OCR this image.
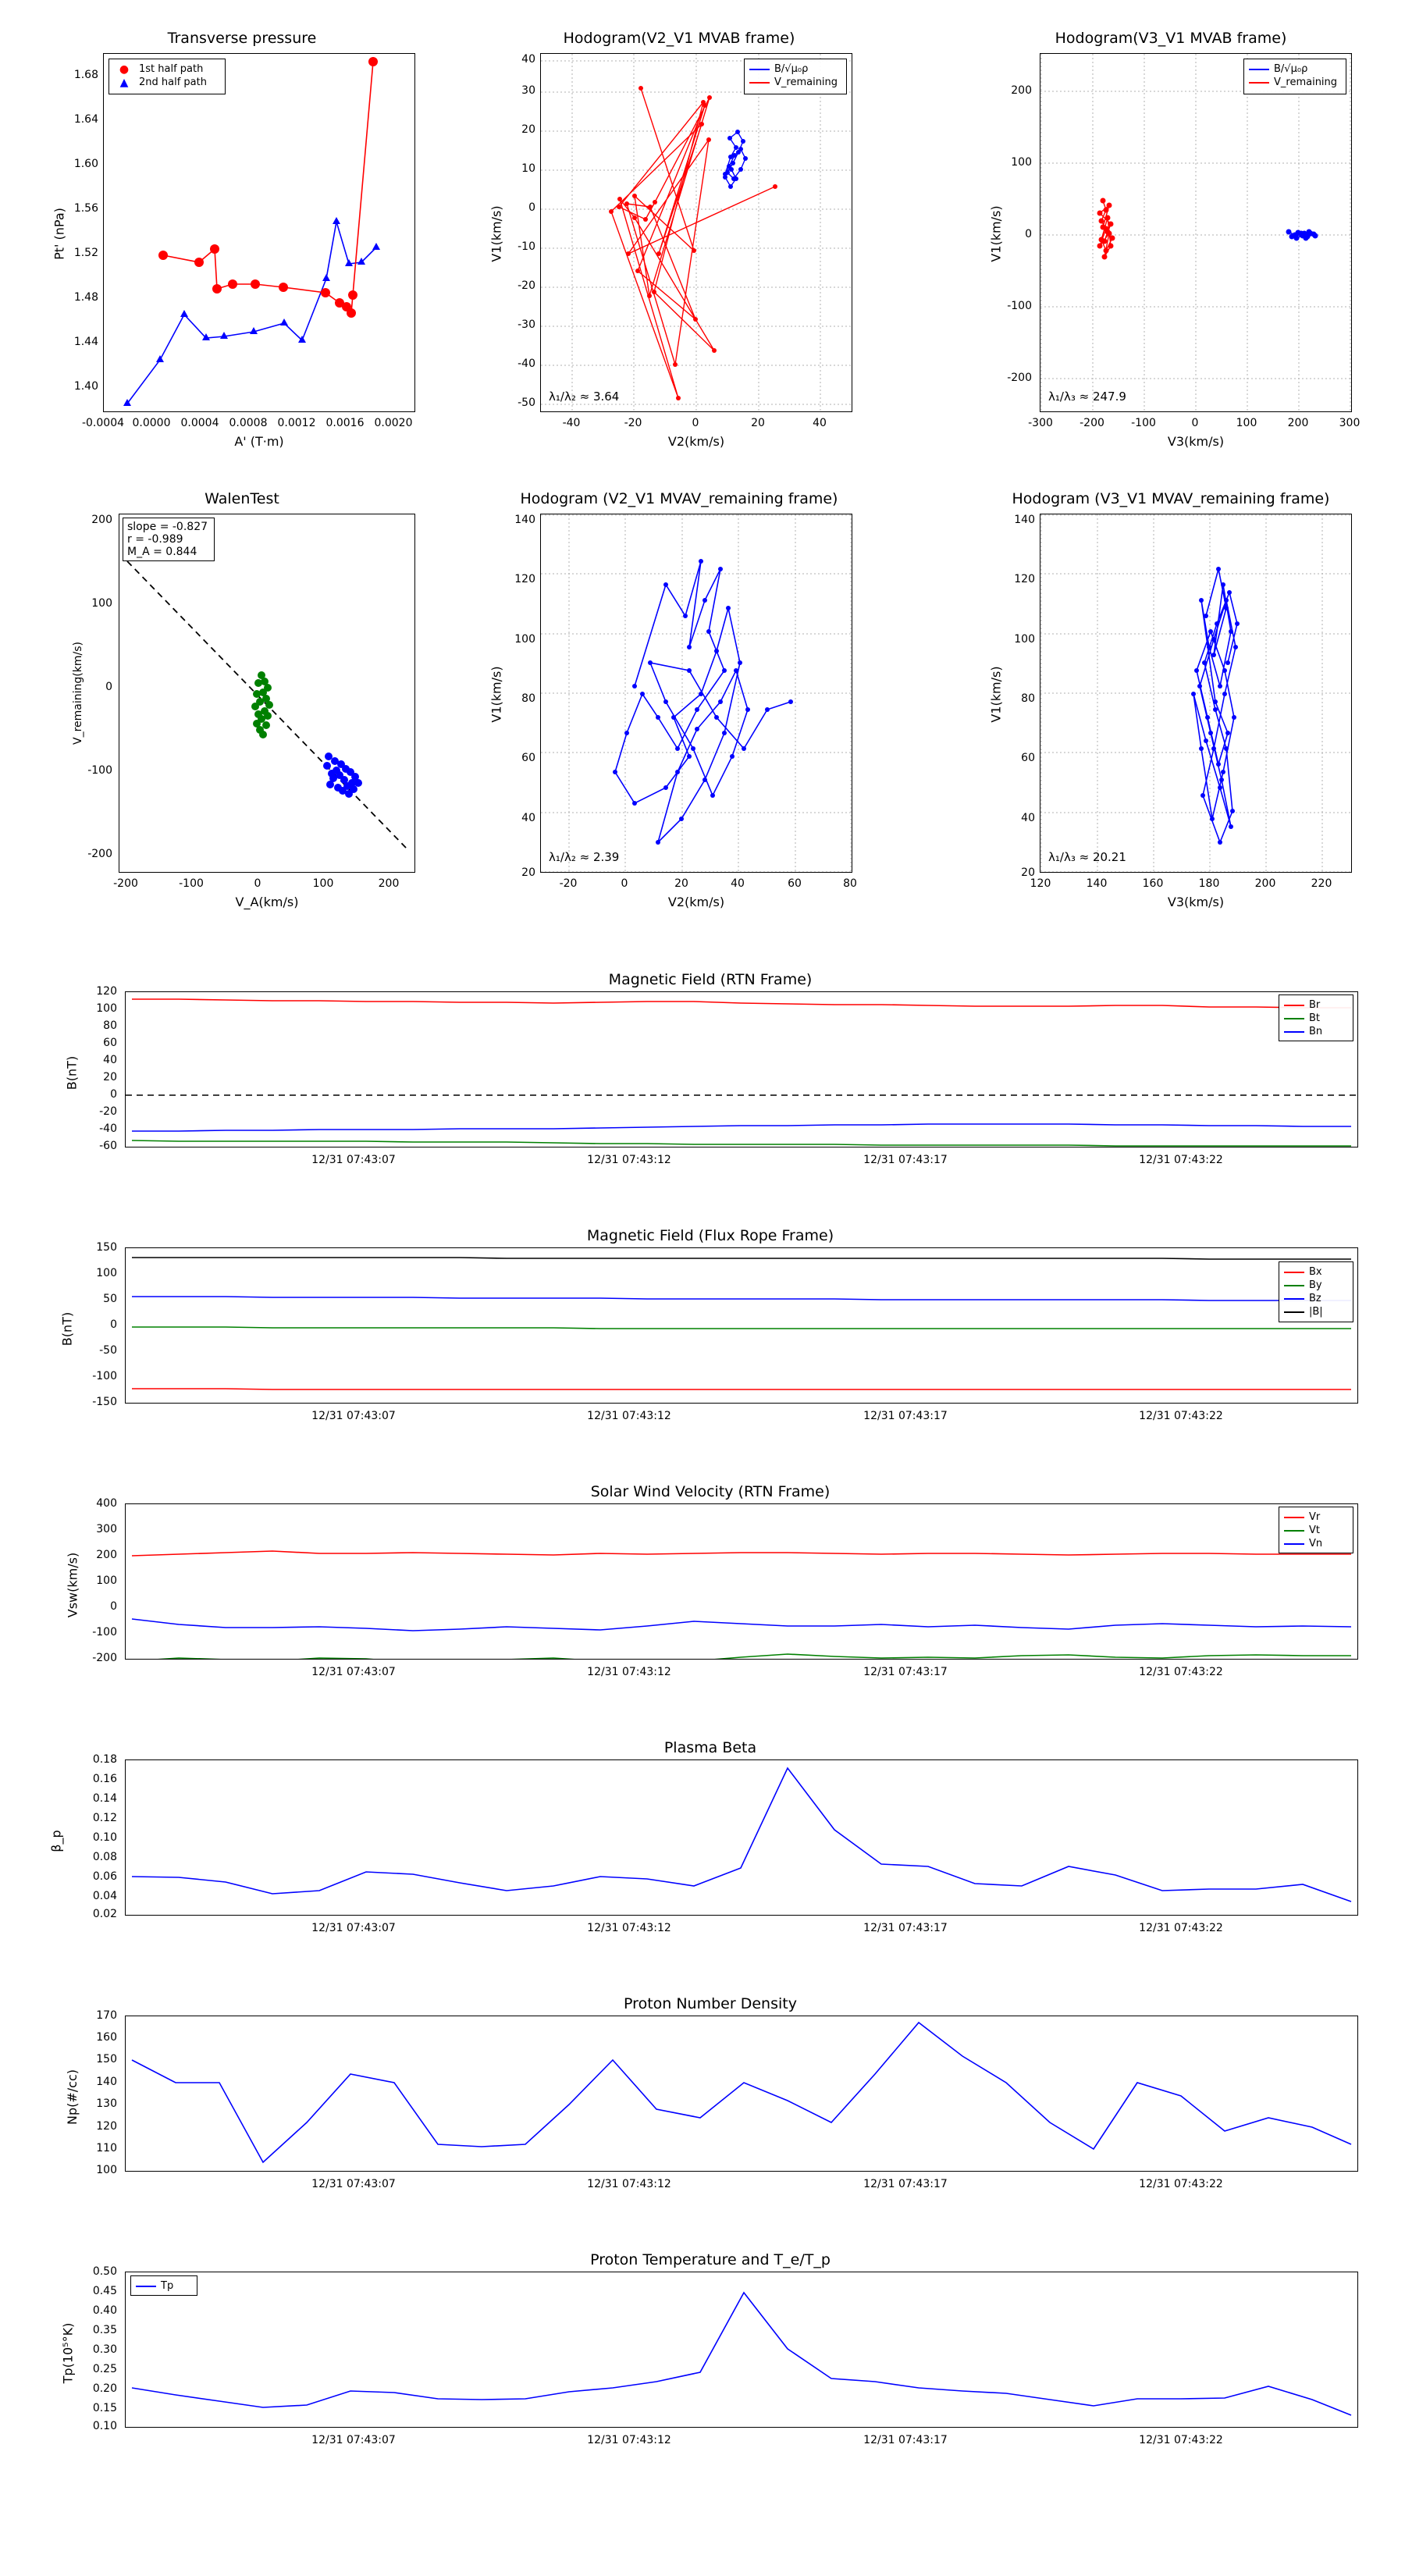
Transverse pressure
● 1st half path
▲	2nd half path
1.68
1.64
1.60
1.56
1.52
1.48
1.44
1.40
-0.0004 0.0000 0.0004 0.0008 0.0012 0.0016 0.0020
A' (T·m)
Pt' (nPa)
Hodogram(V2_V1 MVAB frame)
B/√μ₀ρ
V_remaining
λ₁/λ₂ ≈ 3.64
40
30
20
10
0
-10
-20
-30
-40
-50
-40	-20	0	20	40
V2(km/s)
V1(km/s)
Hodogram(V3_V1 MVAB frame)
B/√μ₀ρ
V_remaining
λ₁/λ₃ ≈ 247.9
200
100
0
-100
-200
-300	-200	-100	0	100	200	300
V3(km/s)
V1(km/s)
WalenTest
slope = -0.827
r = -0.989
M_A = 0.844
200
100
0
-100
-200
-200	-100	0	100	200
V_A(km/s)
V_remaining(km/s)
Hodogram (V2_V1 MVAV_remaining frame)
λ₁/λ₂ ≈ 2.39
140
120
100
80
60
40
20
-20	0	20	40	60	80
V2(km/s)
V1(km/s)
Hodogram (V3_V1 MVAV_remaining frame)
λ₁/λ₃ ≈ 20.21
140
120
100
80
60
40
20
120	140	160	180	200	220
V3(km/s)
V1(km/s)
Magnetic Field (RTN Frame)
Br
Bt
Bn
120
100
80
60
40
20
0
-20
-40
-60
12/31 07:43:07	12/31 07:43:12	12/31 07:43:17	12/31 07:43:22
B(nT)
Magnetic Field (Flux Rope Frame)
Bx
By
Bz
|B|
150
100
50
0
-50
-100
-150
12/31 07:43:07	12/31 07:43:12	12/31 07:43:17	12/31 07:43:22
B(nT)
Solar Wind Velocity (RTN Frame)
Vr
Vt
Vn
400
300
200
100
0
-100
-200
12/31 07:43:07	12/31 07:43:12	12/31 07:43:17	12/31 07:43:22
Vsw(km/s)
Plasma Beta
0.18
0.16
0.14
0.12
0.10
0.08
0.06
0.04
0.02
12/31 07:43:07	12/31 07:43:12	12/31 07:43:17	12/31 07:43:22
β_p
Proton Number Density
170
160
150
140
130
120
110
100
12/31 07:43:07	12/31 07:43:12	12/31 07:43:17	12/31 07:43:22
Np(#/cc)
Proton Temperature and T_e/T_p
Tp
0.50
0.45
0.40
0.35
0.30
0.25
0.20
0.15
0.10
12/31 07:43:07	12/31 07:43:12	12/31 07:43:17	12/31 07:43:22
Tp(10⁵°K)
